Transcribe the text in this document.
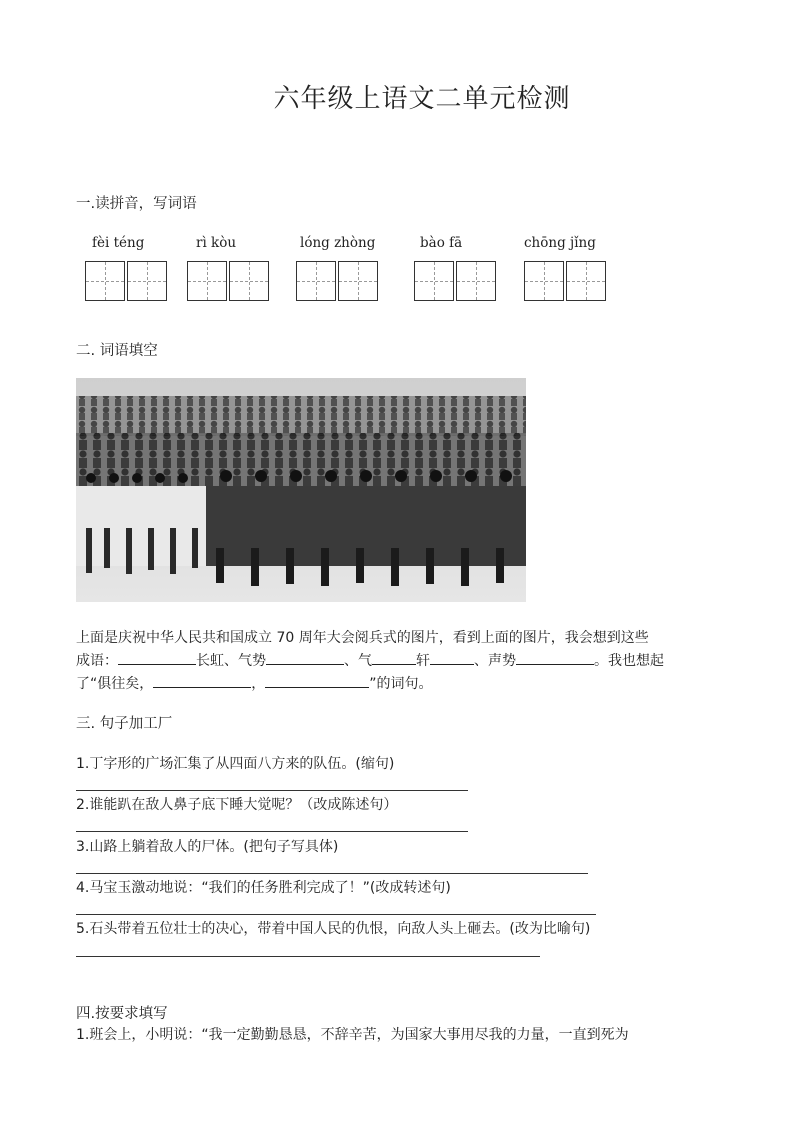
六年级上语文二单元检测
一.读拼音，写词语
fèi téng	rì kòu	lóng zhòng	bào fā	chōng jǐng
二. 词语填空
上面是庆祝中华人民共和国成立 70 周年大会阅兵式的图片，看到上面的图片，我会想到这些
成语：	长虹、气势	、气	轩	、声势	。我也想起
了“俱往矣，	，	”的词句。
三. 句子加工厂
1.丁字形的广场汇集了从四面八方来的队伍。(缩句)
2.谁能趴在敌人鼻子底下睡大觉呢？（改成陈述句）
3.山路上躺着敌人的尸体。(把句子写具体)
4.马宝玉激动地说：“我们的任务胜利完成了！”(改成转述句)
5.石头带着五位壮士的决心，带着中国人民的仇恨，向敌人头上砸去。(改为比喻句)
四.按要求填写
1.班会上，小明说：“我一定勤勤恳恳，不辞辛苦，为国家大事用尽我的力量，一直到死为
